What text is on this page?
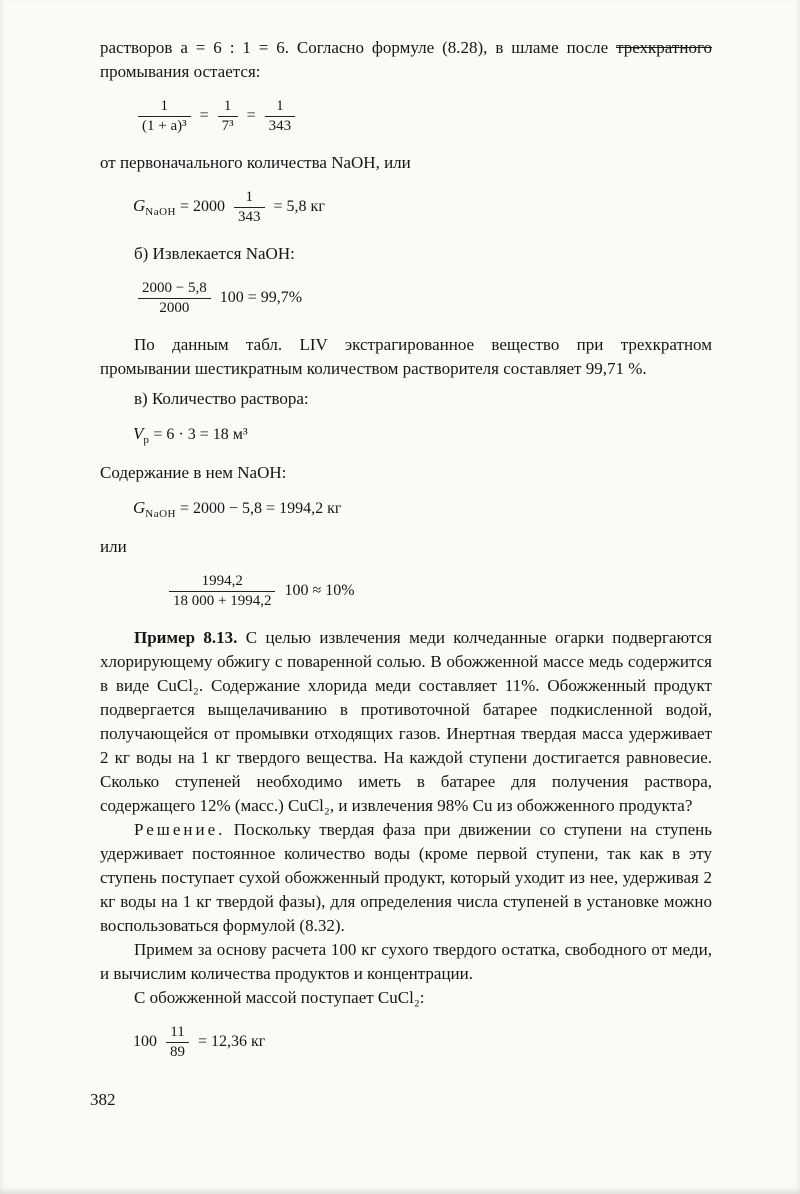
растворов a = 6 : 1 = 6. Согласно формуле (8.28), в шламе после трехкратного промывания остается:

$\frac{1}{\text{(1 + a)³}} = \frac{1}{\text{7³}} = \frac{1}{343}$

от первоначального количества NaOH, или

$G_{NaOH} = 2000 \frac{1}{343} = 5,8$ кг

б) Извлекается NaOH:

$\frac{2000 - 5,8}{2000} 100 = 99,7\%$

По данным табл. LIV экстрагированное вещество при трехкратном промывании шестикратным количеством растворителя составляет 99,71 %.

в) Количество раствора:

$V_р = 6 \cdot 3 = 18$ м³

Содержание в нем NaOH:

$G_{NaOH} = 2000 - 5,8 = 1994,2$ кг

или

$\frac{1994,2}{18 000 + 1994,2} 100 \approx 10\%$

Пример 8.13. С целью извлечения меди колчеданные огарки подвергаются хлорирующему обжигу с поваренной солью. В обожженной массе медь содержится в виде CuCl₂. Содержание хлорида меди составляет 11%. Обожженный продукт подвергается выщелачиванию в противоточной батарее подкисленной водой, получающейся от промывки отходящих газов. Инертная твердая масса удерживает 2 кг воды на 1 кг твердого вещества. На каждой ступени достигается равновесие. Сколько ступеней необходимо иметь в батарее для получения раствора, содержащего 12% (масс.) CuCl₂, и извлечения 98% Cu из обожженного продукта?

Решение. Поскольку твердая фаза при движении со ступени на ступень удерживает постоянное количество воды (кроме первой ступени, так как в эту ступень поступает сухой обожженный продукт, который уходит из нее, удерживая 2 кг воды на 1 кг твердой фазы), для определения числа ступеней в установке можно воспользоваться формулой (8.32).

Примем за основу расчета 100 кг сухого твердого остатка, свободного от меди, и вычислим количества продуктов и концентрации.

С обожженной массой поступает CuCl₂:

$100 \frac{11}{89} = 12,36$ кг
382
